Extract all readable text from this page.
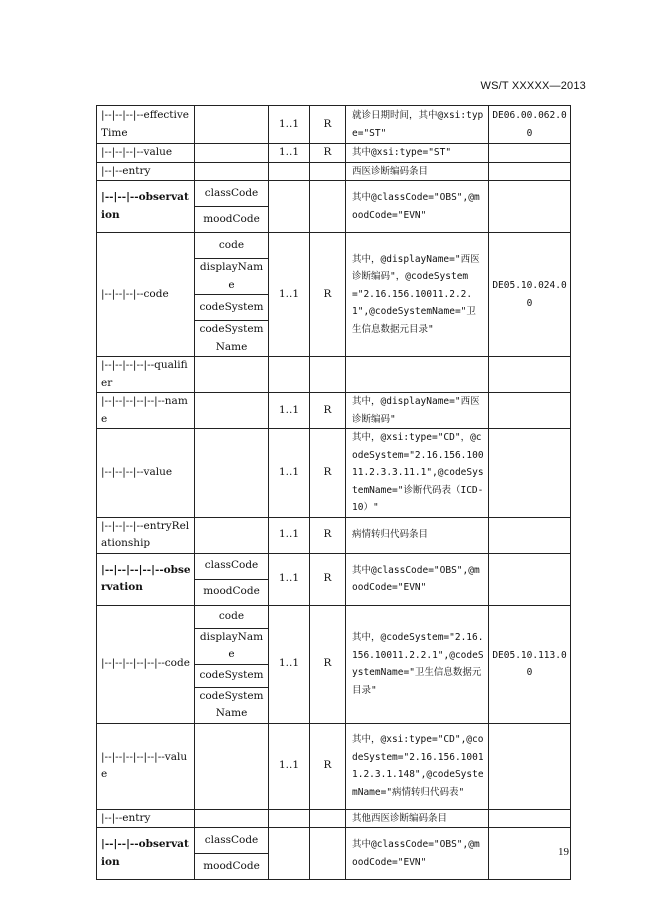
WS/T XXXXX—2013
|--|--|--|--effectiveTime		1..1	R	就诊日期时间，其中@xsi:type="ST"	DE06.00.062.00
|--|--|--|--value		1..1	R	其中@xsi:type="ST"	
|--|--entry				西医诊断编码条目	
|--|--|--observation	classCode			其中@classCode="OBS",@moodCode="EVN"	
	moodCode				
|--|--|--|--code	code	1..1	R	其中，@displayName="西医诊断编码"，@codeSystem="2.16.156.10011.2.2.1",@codeSystemName="卫生信息数据元目录"	DE05.10.024.00
	displayName				
	codeSystem				
	codeSystemName				
|--|--|--|--|--qualifier					
|--|--|--|--|--|--name		1..1	R	其中，@displayName="西医诊断编码"	
|--|--|--|--value		1..1	R	其中，@xsi:type="CD"，@codeSystem="2.16.156.10011.2.3.3.11.1",@codeSystemName="诊断代码表（ICD-10）"	
|--|--|--|--entryRelationship		1..1	R	病情转归代码条目	
|--|--|--|--|--observation	classCode	1..1	R	其中@classCode="OBS",@moodCode="EVN"	
	moodCode				
|--|--|--|--|--|--code	code	1..1	R	其中，@codeSystem="2.16.156.10011.2.2.1",@codeSystemName="卫生信息数据元目录"	DE05.10.113.00
	displayName				
	codeSystem				
	codeSystemName				
|--|--|--|--|--|--value		1..1	R	其中，@xsi:type="CD",@codeSystem="2.16.156.10011.2.3.1.148",@codeSystemName="病情转归代码表"	
|--|--entry				其他西医诊断编码条目	
|--|--|--observation	classCode			其中@classCode="OBS",@moodCode="EVN"	
	moodCode				
19
